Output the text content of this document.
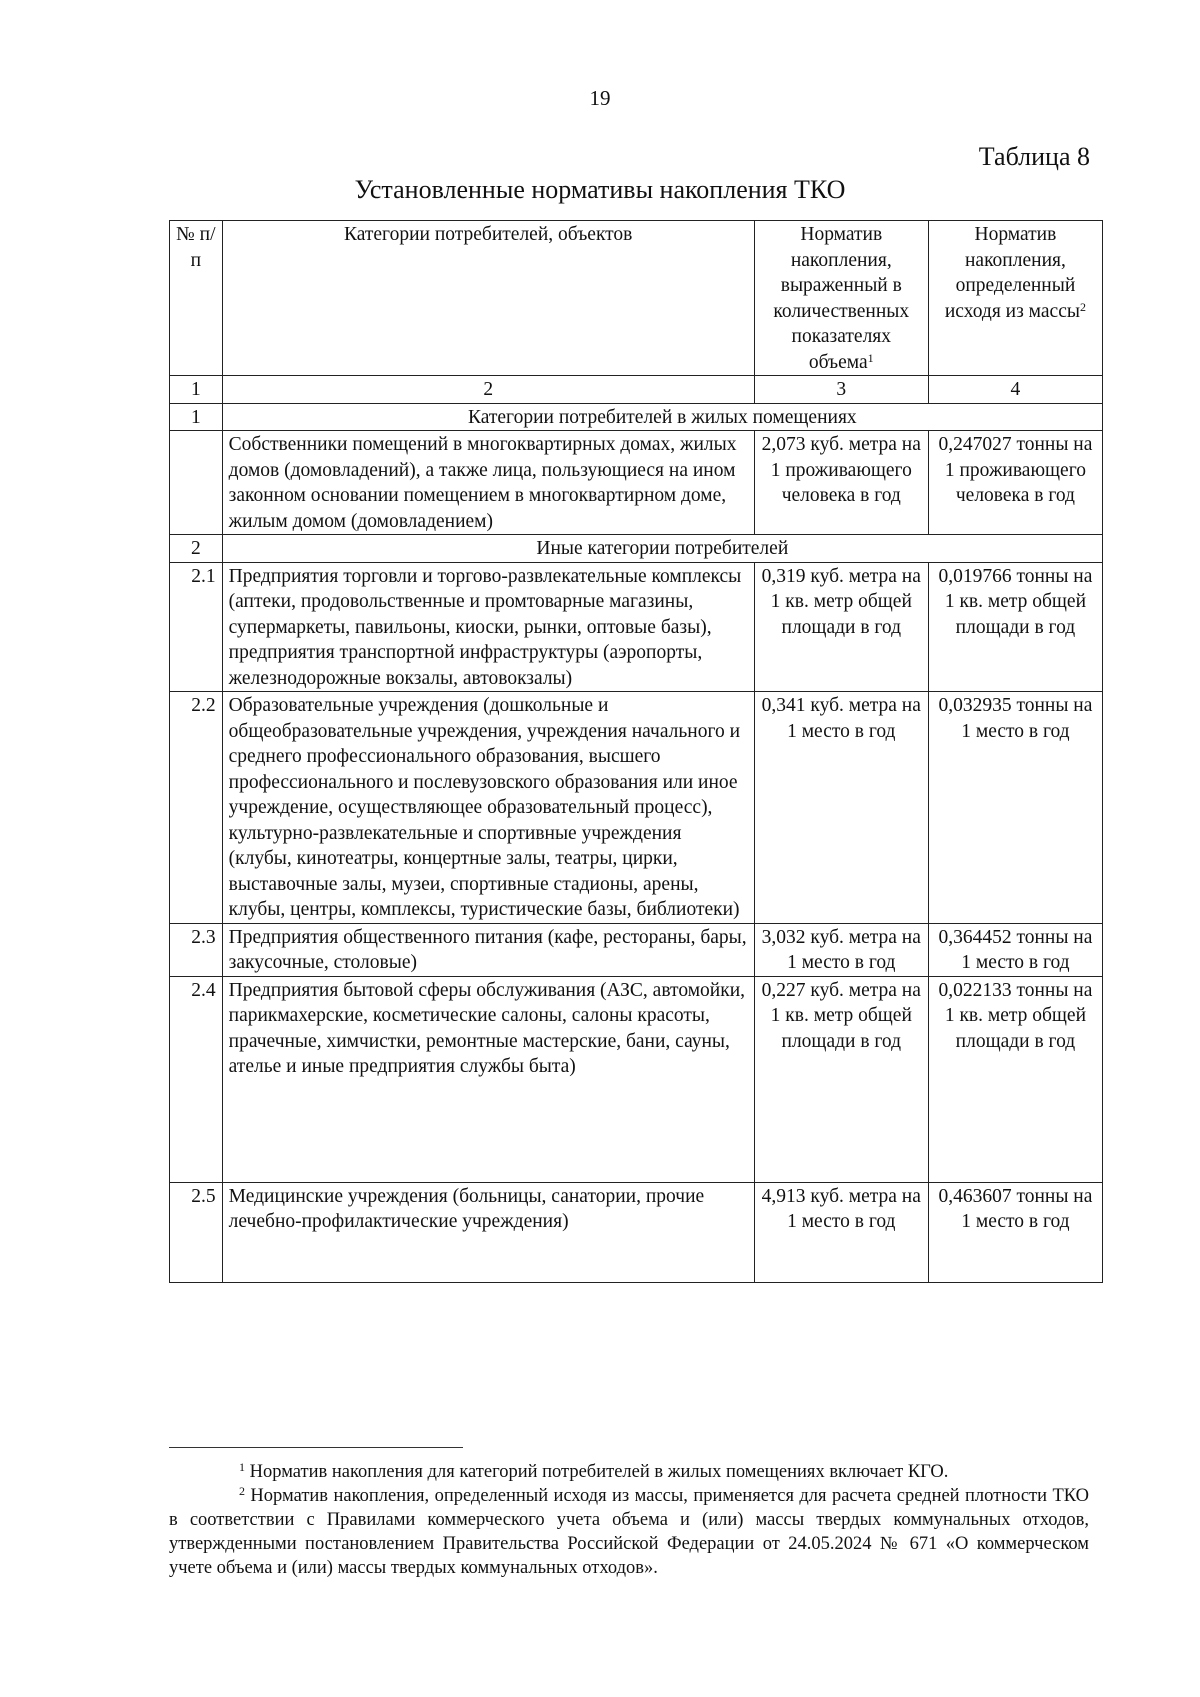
19
Таблица 8
Установленные нормативы накопления ТКО
№ п/п	Категории потребителей, объектов	Норматив накопления, выраженный в количественных показателях объема$^1$	Норматив накопления, определенный исходя из массы$^2$
1	2	3	4
1	Категории потребителей в жилых помещениях		
	Собственники помещений в многоквартирных домах, жилых домов (домовладений), а также лица, пользующиеся на ином законном основании помещением в многоквартирном доме, жилым домом (домовладением)	2,073 куб. метра на 1 проживающего человека в год	0,247027 тонны на 1 проживающего человека в год
2	Иные категории потребителей		
2.1	Предприятия торговли и торгово-развлекательные комплексы (аптеки, продовольственные и промтоварные магазины, супермаркеты, павильоны, киоски, рынки, оптовые базы), предприятия транспортной инфраструктуры (аэропорты, железнодорожные вокзалы, автовокзалы)	0,319 куб. метра на 1 кв. метр общей площади в год	0,019766 тонны на 1 кв. метр общей площади в год
2.2	Образовательные учреждения (дошкольные и общеобразовательные учреждения, учреждения начального и среднего профессионального образования, высшего профессионального и послевузовского образования или иное учреждение, осуществляющее образовательный процесс), культурно-развлекательные и спортивные учреждения (клубы, кинотеатры, концертные залы, театры, цирки, выставочные залы, музеи, спортивные стадионы, арены, клубы, центры, комплексы, туристические базы, библиотеки)	0,341 куб. метра на 1 место в год	0,032935 тонны на 1 место в год
2.3	Предприятия общественного питания (кафе, рестораны, бары, закусочные, столовые)	3,032 куб. метра на 1 место в год	0,364452 тонны на 1 место в год
2.4	Предприятия бытовой сферы обслуживания (АЗС, автомойки, парикмахерские, косметические салоны, салоны красоты, прачечные, химчистки, ремонтные мастерские, бани, сауны, ателье и иные предприятия службы быта)	0,227 куб. метра на 1 кв. метр общей площади в год	0,022133 тонны на 1 кв. метр общей площади в год
2.5	Медицинские учреждения (больницы, санатории, прочие лечебно-профилактические учреждения)	4,913 куб. метра на 1 место в год	0,463607 тонны на 1 место в год

$^1$ Норматив накопления для категорий потребителей в жилых помещениях включает КГО.

$^2$ Норматив накопления, определенный исходя из массы, применяется для расчета средней плотности ТКО в соответствии с Правилами коммерческого учета объема и (или) массы твердых коммунальных отходов, утвержденными постановлением Правительства Российской Федерации от 24.05.2024 № 671 «О коммерческом учете объема и (или) массы твердых коммунальных отходов».
